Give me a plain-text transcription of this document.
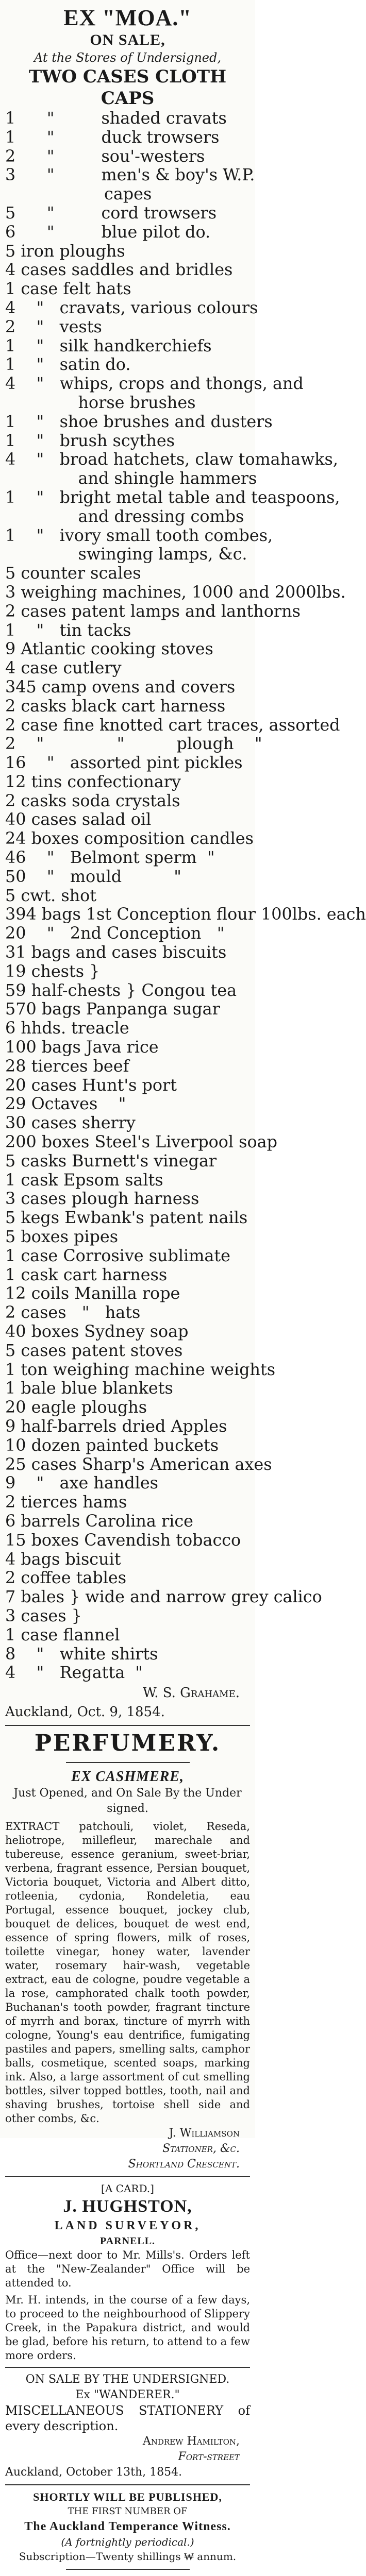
EX "MOA."
ON SALE,
At the Stores of Undersigned,
TWO CASES CLOTH CAPS
1      "         shaded cravats
1      "         duck trowsers
2      "         sou'-westers
3      "         men's & boy's W.P.
capes
5      "         cord trowsers
6      "         blue pilot do.
5 iron ploughs
4 cases saddles and bridles
1 case felt hats
4    "   cravats, various colours
2    "   vests
1    "   silk handkerchiefs
1    "   satin do.
4    "   whips, crops and thongs, and
horse brushes
1    "   shoe brushes and dusters
1    "   brush scythes
4    "   broad hatchets, claw tomahawks,
and shingle hammers
1    "   bright metal table and teaspoons,
and dressing combs
1    "   ivory small tooth combes,
swinging lamps, &c.
5 counter scales
3 weighing machines, 1000 and 2000lbs.
2 cases patent lamps and lanthorns
1    "   tin tacks
9 Atlantic cooking stoves
4 case cutlery
345 camp ovens and covers
2 casks black cart harness
2 case fine knotted cart traces, assorted
2    "              "          plough    "
16    "   assorted pint pickles
12 tins confectionary
2 casks soda crystals
40 cases salad oil
24 boxes composition candles
46    "   Belmont sperm  "
50    "   mould          "
5 cwt. shot
394 bags 1st Conception flour 100lbs. each
20    "   2nd Conception   "
31 bags and cases biscuits
19 chests }
59 half-chests } Congou tea
570 bags Panpanga sugar
6 hhds. treacle
100 bags Java rice
28 tierces beef
20 cases Hunt's port
29 Octaves    "
30 cases sherry
200 boxes Steel's Liverpool soap
5 casks Burnett's vinegar
1 cask Epsom salts
3 cases plough harness
5 kegs Ewbank's patent nails
5 boxes pipes
1 case Corrosive sublimate
1 cask cart harness
12 coils Manilla rope
2 cases   "   hats
40 boxes Sydney soap
5 cases patent stoves
1 ton weighing machine weights
1 bale blue blankets
20 eagle ploughs
9 half-barrels dried Apples
10 dozen painted buckets
25 cases Sharp's American axes
9    "   axe handles
2 tierces hams
6 barrels Carolina rice
15 boxes Cavendish tobacco
4 bags biscuit
2 coffee tables
7 bales } wide and narrow grey calico
3 cases }
1 case flannel
8    "   white shirts
4    "   Regatta  "
W. S. Grahame.
Auckland, Oct. 9, 1854.
PERFUMERY.
EX CASHMERE,
Just Opened, and On Sale By the Under signed.
EXTRACT patchouli, violet, Reseda, heliotrope, millefleur, marechale and tubereuse, essence geranium, sweet-briar, verbena, fragrant essence, Persian bouquet, Victoria bouquet, Victoria and Albert ditto, rotleenia, cydonia, Rondeletia, eau Portugal, essence bouquet, jockey club, bouquet de delices, bouquet de west end, essence of spring flowers, milk of roses, toilette vinegar, honey water, lavender water, rosemary hair-wash, vegetable extract, eau de cologne, poudre vegetable a la rose, camphorated chalk tooth powder, Buchanan's tooth powder, fragrant tincture of myrrh and borax, tincture of myrrh with cologne, Young's eau dentrifice, fumigating pastiles and papers, smelling salts, camphor balls, cosmetique, scented soaps, marking ink. Also, a large assortment of cut smelling bottles, silver topped bottles, tooth, nail and shaving brushes, tortoise shell side and other combs, &c.
J. Williamson
Stationer, &c.
Shortland Crescent.
[A CARD.]
J. HUGHSTON,
LAND SURVEYOR,
PARNELL.
Office—next door to Mr. Mills's. Orders left at the "New-Zealander" Office will be attended to.
Mr. H. intends, in the course of a few days, to proceed to the neighbourhood of Slippery Creek, in the Papakura district, and would be glad, before his return, to attend to a few more orders.
ON SALE BY THE UNDERSIGNED.
Ex "WANDERER."
MISCELLANEOUS STATIONERY of every description.
Andrew Hamilton,
Fort-street
Auckland, October 13th, 1854.
SHORTLY WILL BE PUBLISHED,
THE FIRST NUMBER OF
The Auckland Temperance Witness.
(A fortnightly periodical.)
Subscription—Twenty shillings ₩ annum.
